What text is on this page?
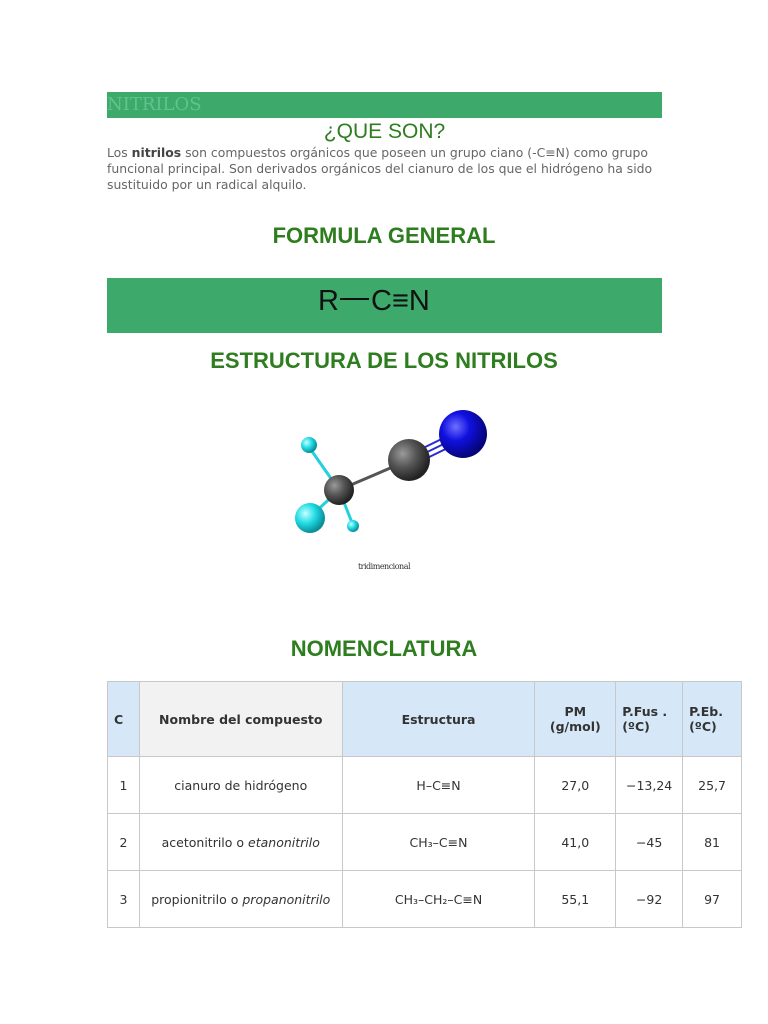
NITRILOS
¿QUE SON?
Los nitrilos son compuestos orgánicos que poseen un grupo ciano (-C≡N) como grupo funcional principal. Son derivados orgánicos del cianuro de los que el hidrógeno ha sido sustituido por un radical alquilo.
FORMULA GENERAL
R C≡N
ESTRUCTURA DE LOS NITRILOS
tridimencional
NOMENCLATURA
C	Nombre del compuesto	Estructura	PM (g/mol)	P.Fus . (ºC)	P.Eb. (ºC)
1	cianuro de hidrógeno	H–C≡N	27,0	−13,24	25,7
2	acetonitrilo o etanonitrilo	CH₃–C≡N	41,0	−45	81
3	propionitrilo o propanonitrilo	CH₃–CH₂–C≡N	55,1	−92	97
